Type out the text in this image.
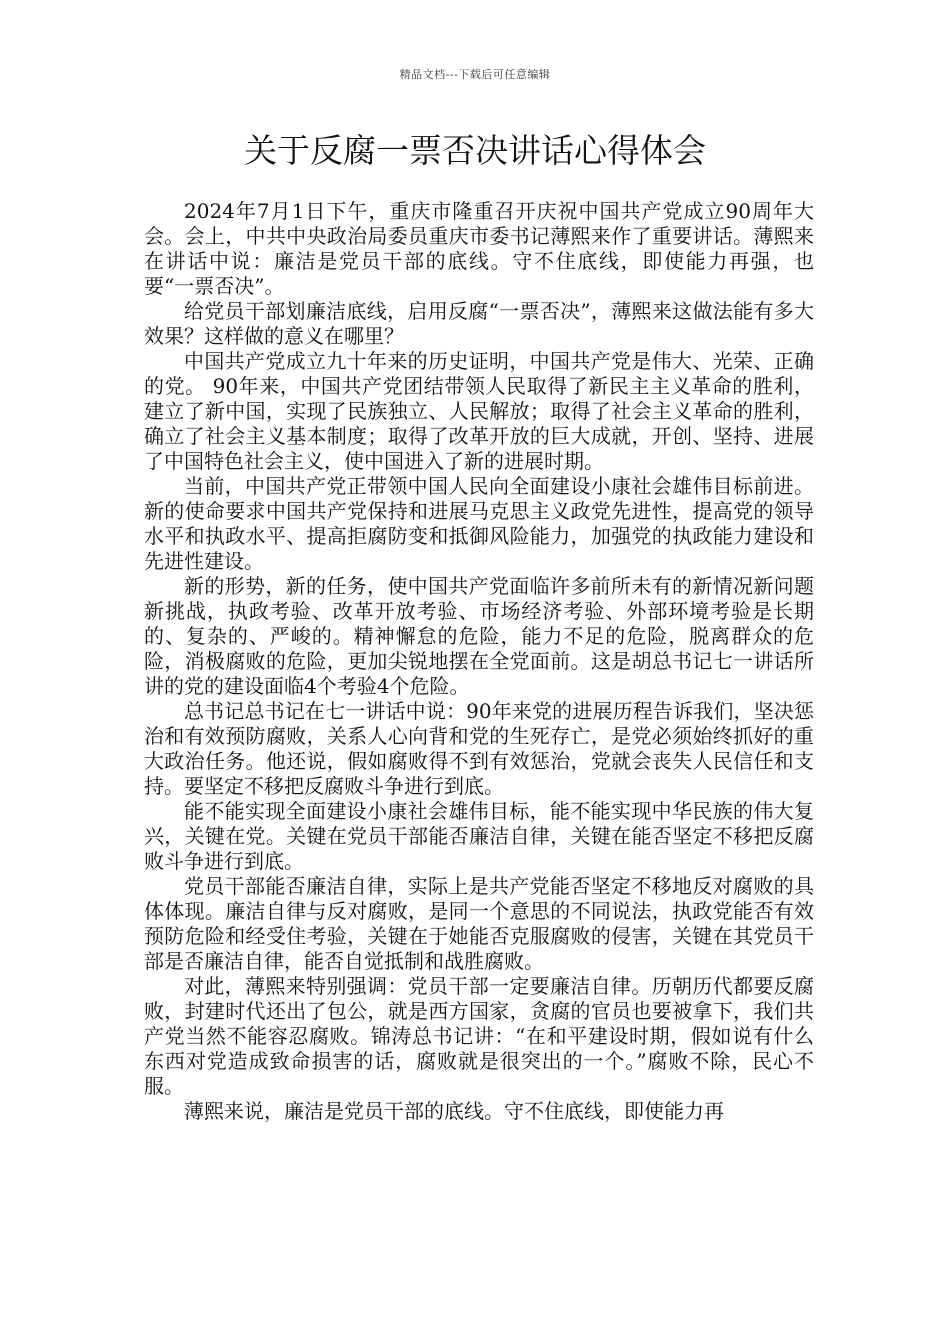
精品文档---下载后可任意编辑
关于反腐一票否决讲话心得体会

2024年7月1日下午，重庆市隆重召开庆祝中国共产党成立90周年大会。会上，中共中央政治局委员重庆市委书记薄熙来作了重要讲话。薄熙来在讲话中说：廉洁是党员干部的底线。守不住底线，即使能力再强，也要“一票否决”。

给党员干部划廉洁底线，启用反腐“一票否决”，薄熙来这做法能有多大效果？这样做的意义在哪里？

中国共产党成立九十年来的历史证明，中国共产党是伟大、光荣、正确的党。 90年来，中国共产党团结带领人民取得了新民主主义革命的胜利，建立了新中国，实现了民族独立、人民解放；取得了社会主义革命的胜利，确立了社会主义基本制度；取得了改革开放的巨大成就，开创、坚持、进展了中国特色社会主义，使中国进入了新的进展时期。

当前，中国共产党正带领中国人民向全面建设小康社会雄伟目标前进。新的使命要求中国共产党保持和进展马克思主义政党先进性，提高党的领导水平和执政水平、提高拒腐防变和抵御风险能力，加强党的执政能力建设和先进性建设。

新的形势，新的任务，使中国共产党面临许多前所未有的新情况新问题新挑战，执政考验、改革开放考验、市场经济考验、外部环境考验是长期的、复杂的、严峻的。精神懈怠的危险，能力不足的危险，脱离群众的危险，消极腐败的危险，更加尖锐地摆在全党面前。这是胡总书记七一讲话所讲的党的建设面临4个考验4个危险。

总书记总书记在七一讲话中说：90年来党的进展历程告诉我们，坚决惩治和有效预防腐败，关系人心向背和党的生死存亡，是党必须始终抓好的重大政治任务。他还说，假如腐败得不到有效惩治，党就会丧失人民信任和支持。要坚定不移把反腐败斗争进行到底。

能不能实现全面建设小康社会雄伟目标，能不能实现中华民族的伟大复兴，关键在党。关键在党员干部能否廉洁自律，关键在能否坚定不移把反腐败斗争进行到底。

党员干部能否廉洁自律，实际上是共产党能否坚定不移地反对腐败的具体体现。廉洁自律与反对腐败，是同一个意思的不同说法，执政党能否有效预防危险和经受住考验，关键在于她能否克服腐败的侵害，关键在其党员干部是否廉洁自律，能否自觉抵制和战胜腐败。

对此，薄熙来特别强调：党员干部一定要廉洁自律。历朝历代都要反腐败，封建时代还出了包公，就是西方国家，贪腐的官员也要被拿下，我们共产党当然不能容忍腐败。锦涛总书记讲：“在和平建设时期，假如说有什么东西对党造成致命损害的话，腐败就是很突出的一个。”腐败不除，民心不服。

薄熙来说，廉洁是党员干部的底线。守不住底线，即使能力再
